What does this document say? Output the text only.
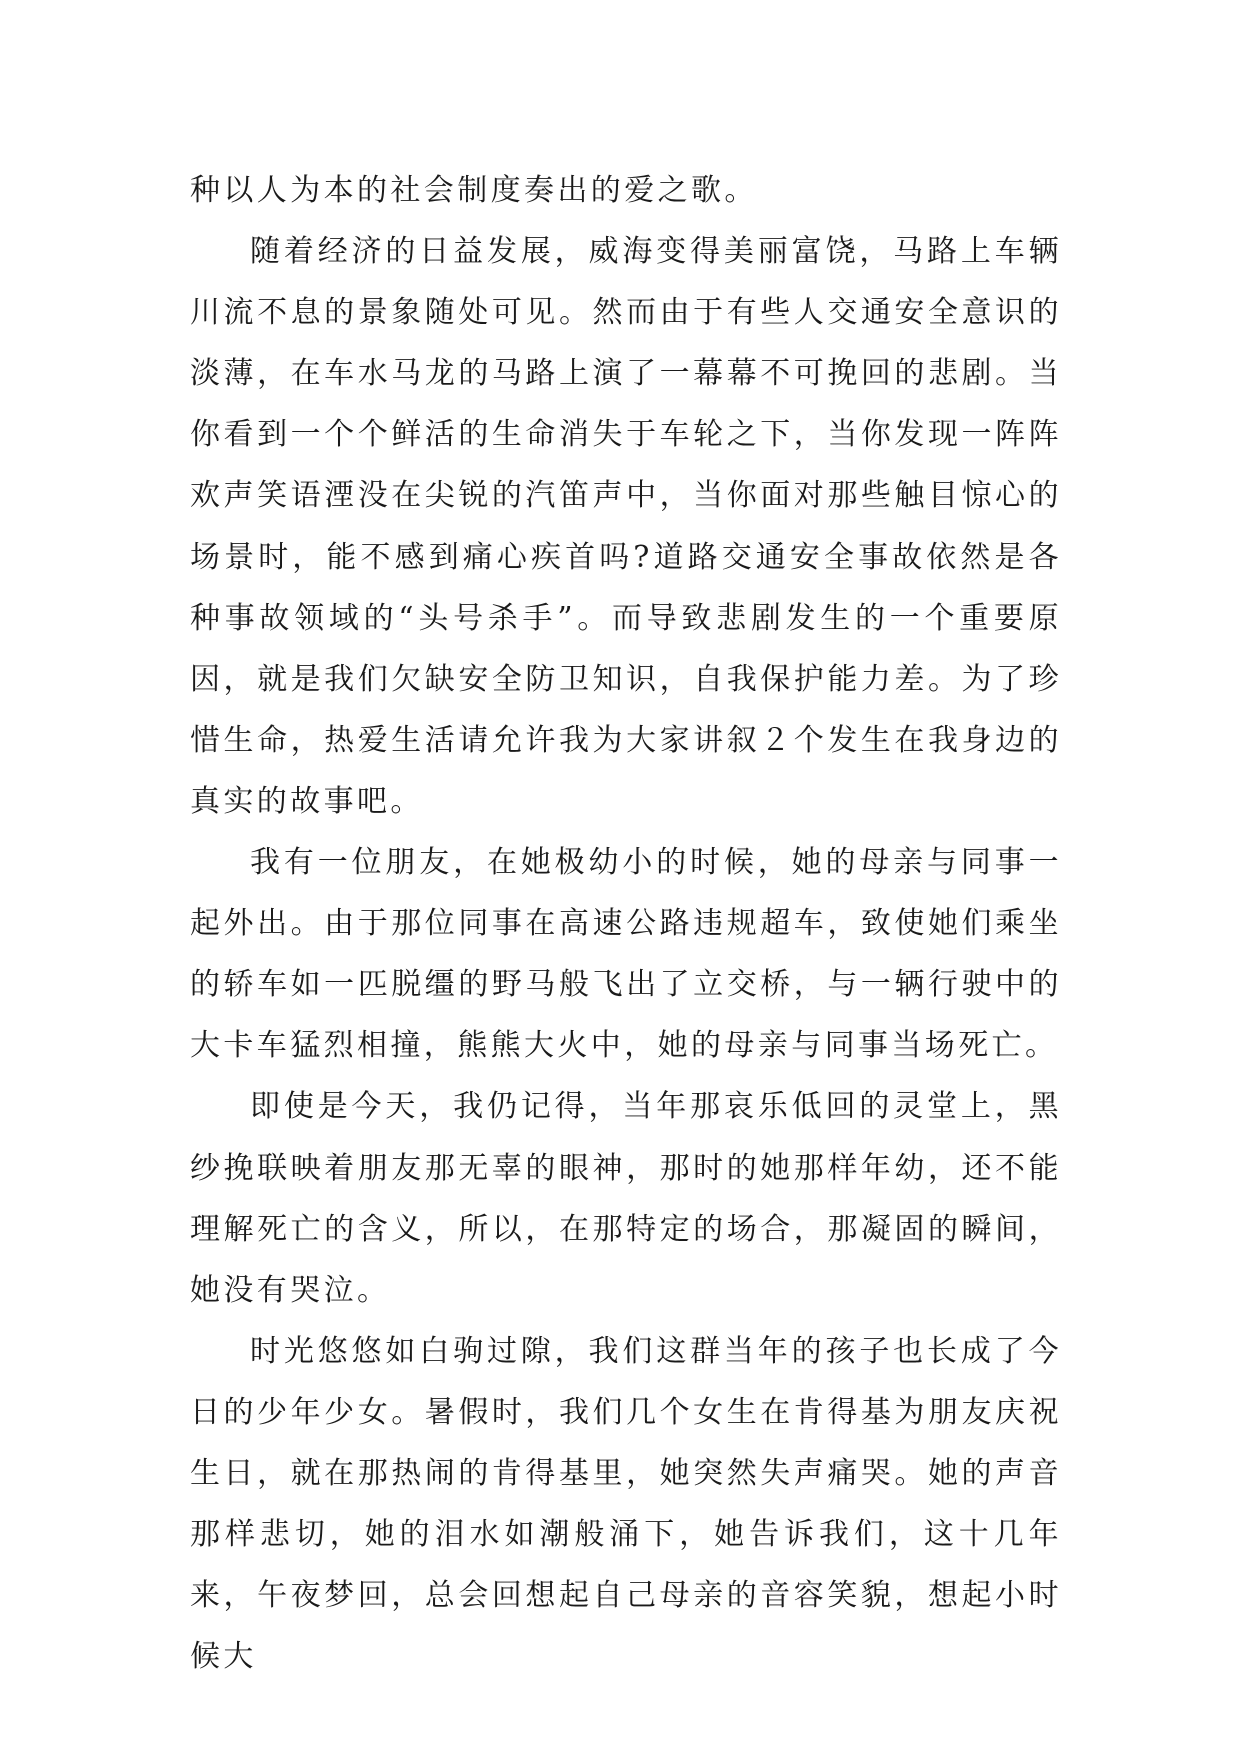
种以人为本的社会制度奏出的爱之歌。

随着经济的日益发展，威海变得美丽富饶，马路上车辆川流不息的景象随处可见。然而由于有些人交通安全意识的淡薄，在车水马龙的马路上演了一幕幕不可挽回的悲剧。当你看到一个个鲜活的生命消失于车轮之下，当你发现一阵阵欢声笑语湮没在尖锐的汽笛声中，当你面对那些触目惊心的场景时，能不感到痛心疾首吗?道路交通安全事故依然是各种事故领域的“头号杀手”。而导致悲剧发生的一个重要原因，就是我们欠缺安全防卫知识，自我保护能力差。为了珍惜生命，热爱生活请允许我为大家讲叙２个发生在我身边的真实的故事吧。

我有一位朋友，在她极幼小的时候，她的母亲与同事一起外出。由于那位同事在高速公路违规超车，致使她们乘坐的轿车如一匹脱缰的野马般飞出了立交桥，与一辆行驶中的大卡车猛烈相撞，熊熊大火中，她的母亲与同事当场死亡。

即使是今天，我仍记得，当年那哀乐低回的灵堂上，黑纱挽联映着朋友那无辜的眼神，那时的她那样年幼，还不能理解死亡的含义，所以，在那特定的场合，那凝固的瞬间，她没有哭泣。

时光悠悠如白驹过隙，我们这群当年的孩子也长成了今日的少年少女。暑假时，我们几个女生在肯得基为朋友庆祝生日，就在那热闹的肯得基里，她突然失声痛哭。她的声音那样悲切，她的泪水如潮般涌下，她告诉我们，这十几年来，午夜梦回，总会回想起自己母亲的音容笑貌，想起小时候大
